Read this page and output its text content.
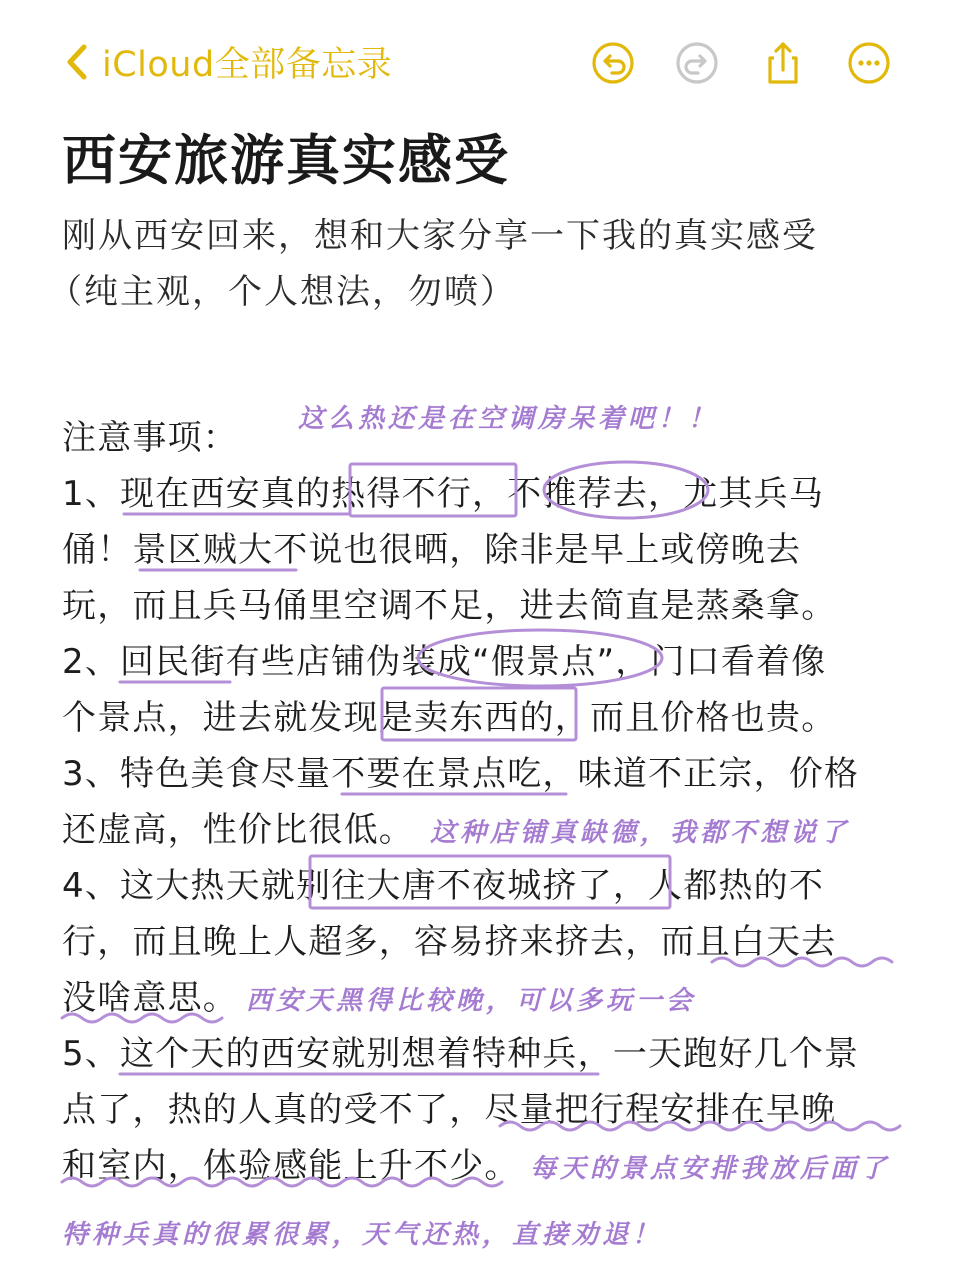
iCloud全部备忘录
西安旅游真实感受

刚从西安回来，想和大家分享一下我的真实感受

（纯主观，个人想法，勿喷）

注意事项：
1、现在西安真的热得不行，不推荐去，尤其兵马
俑！景区贼大不说也很晒，除非是早上或傍晚去
玩，而且兵马俑里空调不足，进去简直是蒸桑拿。
2、回民街有些店铺伪装成“假景点”，门口看着像
个景点，进去就发现是卖东西的，而且价格也贵。
3、特色美食尽量不要在景点吃，味道不正宗，价格
还虚高，性价比很低。
4、这大热天就别往大唐不夜城挤了，人都热的不
行，而且晚上人超多，容易挤来挤去，而且白天去
没啥意思。
5、这个天的西安就别想着特种兵，一天跑好几个景
点了，热的人真的受不了，尽量把行程安排在早晚
和室内，体验感能上升不少。
这么热还是在空调房呆着吧！！
这种店铺真缺德，我都不想说了
西安天黑得比较晚，可以多玩一会
每天的景点安排我放后面了
特种兵真的很累很累，天气还热，直接劝退！
